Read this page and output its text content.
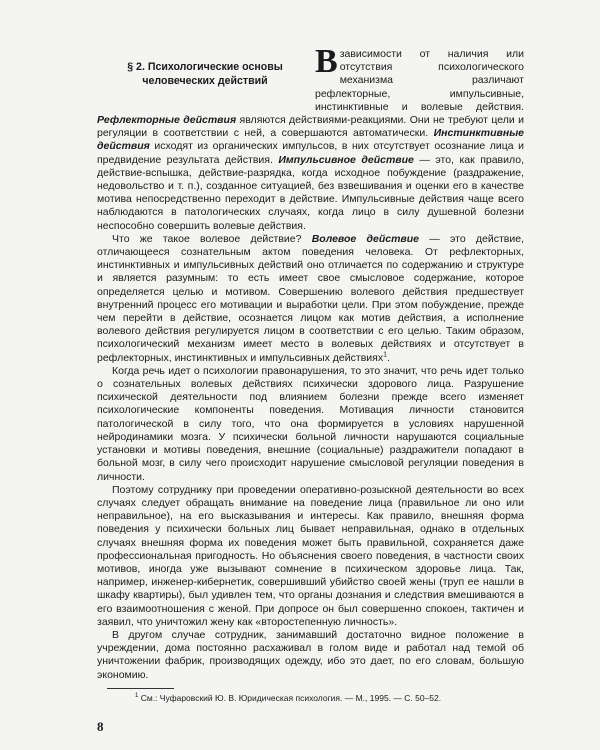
§ 2. Психологические основы человеческих действий

Взависимости от наличия или отсутствия психологического механизма различают рефлекторные, импульсивные, инстинктивные и волевые действия. Рефлекторные действия являются действиями-реакциями. Они не требуют цели и регуляции в соответствии с ней, а совершаются автоматически. Инстинктивные действия исходят из органических импульсов, в них отсутствует осознание лица и предвидение результата действия. Импульсивное действие — это, как правило, действие-вспышка, действие-разрядка, когда исходное побуждение (раздражение, недовольство и т. п.), созданное ситуацией, без взвешивания и оценки его в качестве мотива непосредственно переходит в действие. Импульсивные действия чаще всего наблюдаются в патологических случаях, когда лицо в силу душевной болезни неспособно совершить волевые действия.

Что же такое волевое действие? Волевое действие — это действие, отличающееся сознательным актом поведения человека. От рефлекторных, инстинктивных и импульсивных действий оно отличается по содержанию и структуре и является разумным: то есть имеет свое смысловое содержание, которое определяется целью и мотивом. Совершению волевого действия предшествует внутренний процесс его мотивации и выработки цели. При этом побуждение, прежде чем перейти в действие, осознается лицом как мотив действия, а исполнение волевого действия регулируется лицом в соответствии с его целью. Таким образом, психологический механизм имеет место в волевых действиях и отсутствует в рефлекторных, инстинктивных и импульсивных действиях$^1$.

Когда речь идет о психологии правонарушения, то это значит, что речь идет только о сознательных волевых действиях психически здорового лица. Разрушение психической деятельности под влиянием болезни прежде всего изменяет психологические компоненты поведения. Мотивация личности становится патологической в силу того, что она формируется в условиях нарушенной нейродинамики мозга. У психически больной личности нарушаются социальные установки и мотивы поведения, внешние (социальные) раздражители попадают в больной мозг, в силу чего происходит нарушение смысловой регуляции поведения в личности.

Поэтому сотруднику при проведении оперативно-розыскной деятельности во всех случаях следует обращать внимание на поведение лица (правильное ли оно или неправильное), на его высказывания и интересы. Как правило, внешняя форма поведения у психически больных лиц бывает неправильная, однако в отдельных случаях внешняя форма их поведения может быть правильной, сохраняется даже профессиональная пригодность. Но объяснения своего поведения, в частности своих мотивов, иногда уже вызывают сомнение в психическом здоровье лица. Так, например, инженер-кибернетик, совершивший убийство своей жены (труп ее нашли в шкафу квартиры), был удивлен тем, что органы дознания и следствия вмешиваются в его взаимоотношения с женой. При допросе он был совершенно спокоен, тактичен и заявил, что уничтожил жену как «второстепенную личность».

В другом случае сотрудник, занимавший достаточно видное положение в учреждении, дома постоянно расхаживал в голом виде и работал над темой об уничтожении фабрик, производящих одежду, ибо это дает, по его словам, большую экономию.

$^1$ См.: Чуфаровский Ю. В. Юридическая психология. — М., 1995. — С. 50–52.
8
